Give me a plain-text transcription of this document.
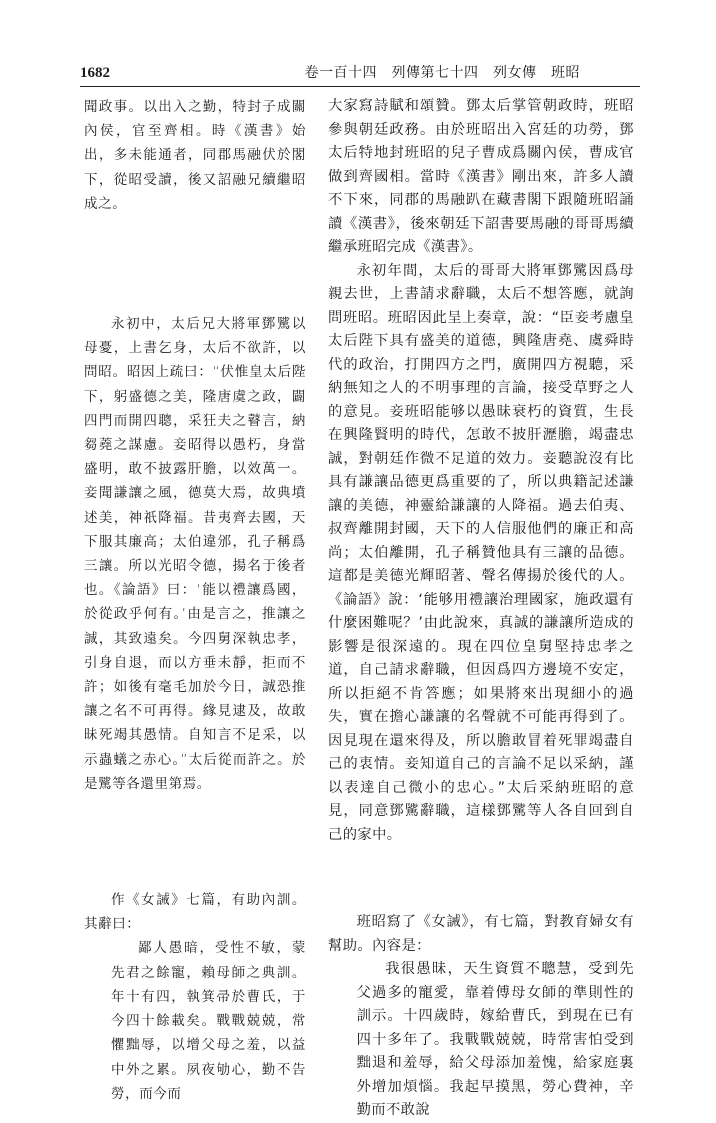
1682	卷一百十四　列傳第七十四　列女傳　班昭

聞政事。以出入之勤，特封子成關內侯，官至齊相。時《漢書》始出，多未能通者，同郡馬融伏於閣下，從昭受讀，後又詔融兄續繼昭成之。

永初中，太后兄大將軍鄧騭以母憂，上書乞身，太后不欲許，以問昭。昭因上疏曰：“伏惟皇太后陛下，躬盛德之美，隆唐虞之政，闢四門而開四聰，采狂夫之瞽言，納芻蕘之謀慮。妾昭得以愚朽，身當盛明，敢不披露肝膽，以效萬一。妾聞謙讓之風，德莫大焉，故典墳述美，神祇降福。昔夷齊去國，天下服其廉高；太伯違邠，孔子稱爲三讓。所以光昭令德，揚名于後者也。《論語》曰：‘能以禮讓爲國，於從政乎何有。’由是言之，推讓之誠，其致遠矣。今四舅深執忠孝，引身自退，而以方垂未靜，拒而不許；如後有毫毛加於今日，誠恐推讓之名不可再得。緣見逮及，故敢昧死竭其愚情。自知言不足采，以示蟲蟻之赤心。”太后從而許之。於是騭等各還里第焉。

作《女誡》七篇，有助內訓。其辭曰：

鄙人愚暗，受性不敏，蒙先君之餘寵，賴母師之典訓。年十有四，執箕帚於曹氏，于今四十餘載矣。戰戰兢兢，常懼黜辱，以增父母之羞，以益中外之累。夙夜劬心，勤不告勞，而今而

大家寫詩賦和頌贊。鄧太后掌管朝政時，班昭參與朝廷政務。由於班昭出入宮廷的功勞，鄧太后特地封班昭的兒子曹成爲關內侯，曹成官做到齊國相。當時《漢書》剛出來，許多人讀不下來，同郡的馬融趴在藏書閣下跟隨班昭誦讀《漢書》，後來朝廷下詔書要馬融的哥哥馬續繼承班昭完成《漢書》。

永初年間，太后的哥哥大將軍鄧騭因爲母親去世，上書請求辭職，太后不想答應，就詢問班昭。班昭因此呈上奏章，說：“臣妾考慮皇太后陛下具有盛美的道德，興隆唐堯、虞舜時代的政治，打開四方之門，廣開四方視聽，采納無知之人的不明事理的言論，接受草野之人的意見。妾班昭能够以愚昧衰朽的資質，生長在興隆賢明的時代，怎敢不披肝瀝膽，竭盡忠誠，對朝廷作微不足道的效力。妾聽說沒有比具有謙讓品德更爲重要的了，所以典籍記述謙讓的美德，神靈給謙讓的人降福。過去伯夷、叔齊離開封國，天下的人信服他們的廉正和高尚；太伯離開，孔子稱贊他具有三讓的品德。這都是美德光輝昭著、聲名傳揚於後代的人。《論語》說：‘能够用禮讓治理國家，施政還有什麼困難呢？’由此說來，真誠的謙讓所造成的影響是很深遠的。現在四位皇舅堅持忠孝之道，自己請求辭職，但因爲四方邊境不安定，所以拒絕不肯答應；如果將來出現細小的過失，實在擔心謙讓的名聲就不可能再得到了。因見現在還來得及，所以膽敢冒着死罪竭盡自己的衷情。妾知道自己的言論不足以采納，謹以表達自己微小的忠心。”太后采納班昭的意見，同意鄧騭辭職，這樣鄧騭等人各自回到自己的家中。

班昭寫了《女誡》，有七篇，對教育婦女有幫助。內容是：

我很愚昧，天生資質不聰慧，受到先父過多的寵愛，靠着傅母女師的準則性的訓示。十四歲時，嫁給曹氏，到現在已有四十多年了。我戰戰兢兢，時常害怕受到黜退和羞辱，給父母添加羞愧，給家庭裏外增加煩惱。我起早摸黑，勞心費神，辛勤而不敢說
